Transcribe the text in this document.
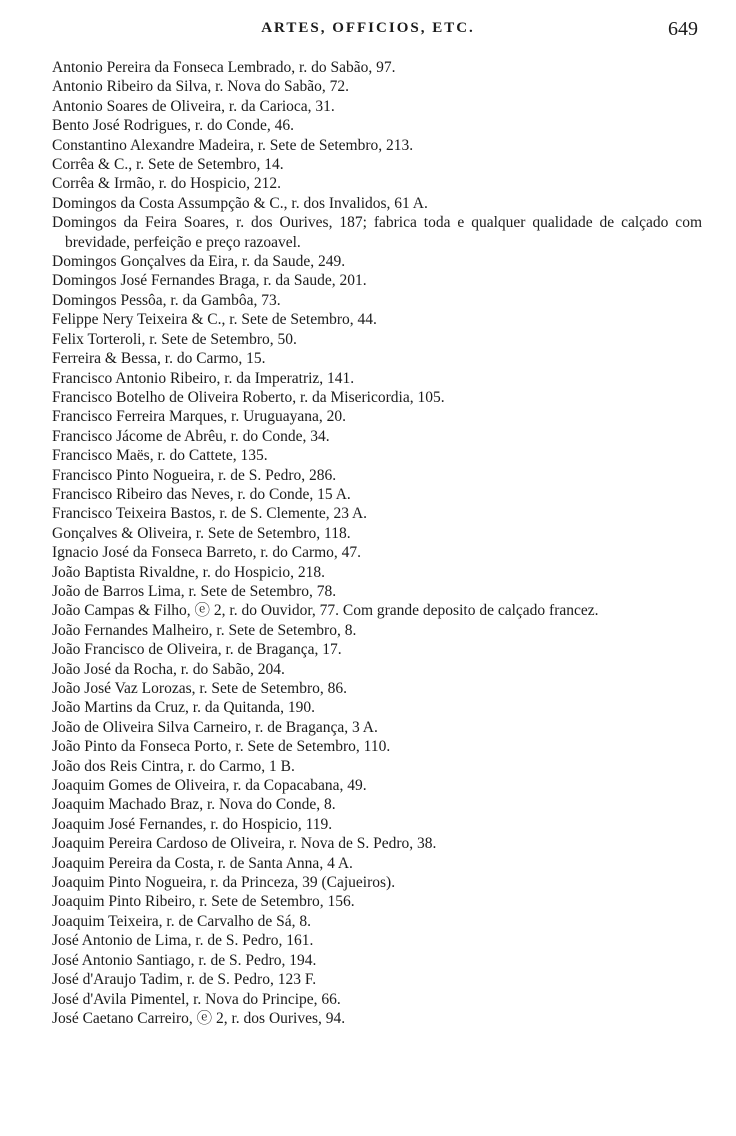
ARTES, OFFICIOS, ETC.	649
Antonio Pereira da Fonseca Lembrado, r. do Sabão, 97.
Antonio Ribeiro da Silva, r. Nova do Sabão, 72.
Antonio Soares de Oliveira, r. da Carioca, 31.
Bento José Rodrigues, r. do Conde, 46.
Constantino Alexandre Madeira, r. Sete de Setembro, 213.
Corrêa & C., r. Sete de Setembro, 14.
Corrêa & Irmão, r. do Hospicio, 212.
Domingos da Costa Assumpção & C., r. dos Invalidos, 61 A.
Domingos da Feira Soares, r. dos Ourives, 187; fabrica toda e qualquer qualidade de calçado com brevidade, perfeição e preço razoavel.
Domingos Gonçalves da Eira, r. da Saude, 249.
Domingos José Fernandes Braga, r. da Saude, 201.
Domingos Pessôa, r. da Gambôa, 73.
Felippe Nery Teixeira & C., r. Sete de Setembro, 44.
Felix Torteroli, r. Sete de Setembro, 50.
Ferreira & Bessa, r. do Carmo, 15.
Francisco Antonio Ribeiro, r. da Imperatriz, 141.
Francisco Botelho de Oliveira Roberto, r. da Misericordia, 105.
Francisco Ferreira Marques, r. Uruguayana, 20.
Francisco Jácome de Abrêu, r. do Conde, 34.
Francisco Maës, r. do Cattete, 135.
Francisco Pinto Nogueira, r. de S. Pedro, 286.
Francisco Ribeiro das Neves, r. do Conde, 15 A.
Francisco Teixeira Bastos, r. de S. Clemente, 23 A.
Gonçalves & Oliveira, r. Sete de Setembro, 118.
Ignacio José da Fonseca Barreto, r. do Carmo, 47.
João Baptista Rivaldne, r. do Hospicio, 218.
João de Barros Lima, r. Sete de Setembro, 78.
João Campas & Filho, ⓔ 2, r. do Ouvidor, 77. Com grande deposito de calçado francez.
João Fernandes Malheiro, r. Sete de Setembro, 8.
João Francisco de Oliveira, r. de Bragança, 17.
João José da Rocha, r. do Sabão, 204.
João José Vaz Lorozas, r. Sete de Setembro, 86.
João Martins da Cruz, r. da Quitanda, 190.
João de Oliveira Silva Carneiro, r. de Bragança, 3 A.
João Pinto da Fonseca Porto, r. Sete de Setembro, 110.
João dos Reis Cintra, r. do Carmo, 1 B.
Joaquim Gomes de Oliveira, r. da Copacabana, 49.
Joaquim Machado Braz, r. Nova do Conde, 8.
Joaquim José Fernandes, r. do Hospicio, 119.
Joaquim Pereira Cardoso de Oliveira, r. Nova de S. Pedro, 38.
Joaquim Pereira da Costa, r. de Santa Anna, 4 A.
Joaquim Pinto Nogueira, r. da Princeza, 39 (Cajueiros).
Joaquim Pinto Ribeiro, r. Sete de Setembro, 156.
Joaquim Teixeira, r. de Carvalho de Sá, 8.
José Antonio de Lima, r. de S. Pedro, 161.
José Antonio Santiago, r. de S. Pedro, 194.
José d'Araujo Tadim, r. de S. Pedro, 123 F.
José d'Avila Pimentel, r. Nova do Principe, 66.
José Caetano Carreiro, ⓔ 2, r. dos Ourives, 94.
